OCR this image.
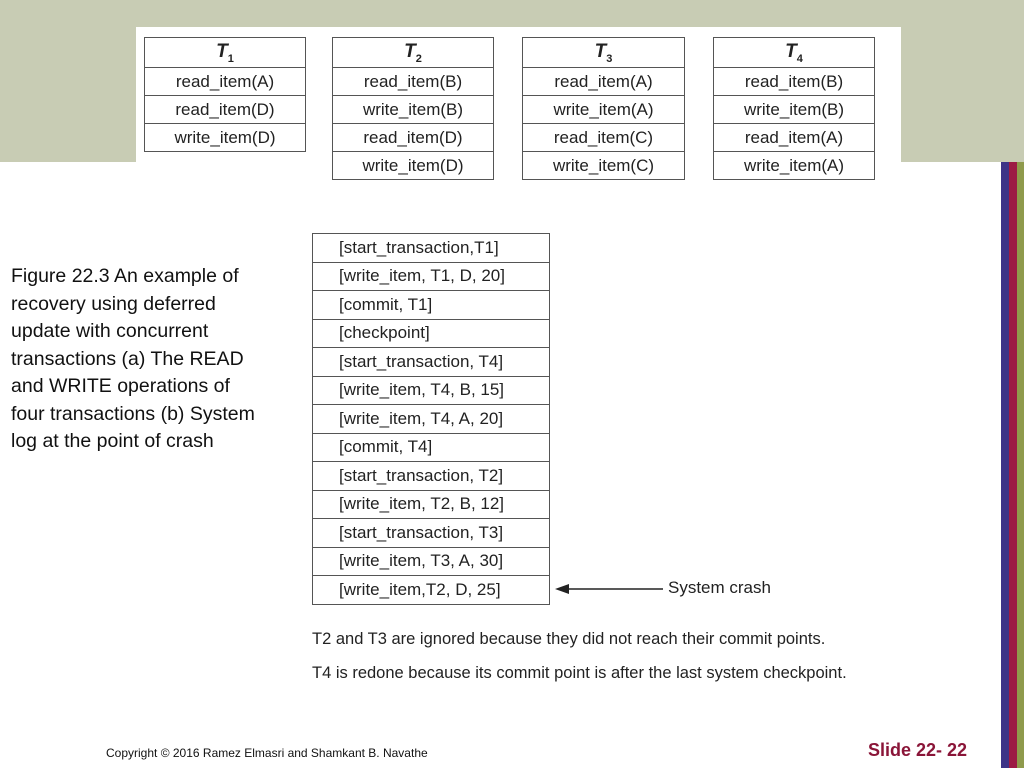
$T_1$
read_item(A)
read_item(D)
write_item(D)
$T_2$
read_item(B)
write_item(B)
read_item(D)
write_item(D)
$T_3$
read_item(A)
write_item(A)
read_item(C)
write_item(C)
$T_4$
read_item(B)
write_item(B)
read_item(A)
write_item(A)
Figure 22.3 An example of recovery using deferred update with concurrent transactions (a) The READ and WRITE operations of four transactions (b) System log at the point of crash
[start_transaction,T1]
[write_item, T1, D, 20]
[commit, T1]
[checkpoint]
[start_transaction, T4]
[write_item, T4, B, 15]
[write_item, T4, A, 20]
[commit, T4]
[start_transaction, T2]
[write_item, T2, B, 12]
[start_transaction, T3]
[write_item, T3, A, 30]
[write_item,T2, D, 25]	System crash
T2 and T3 are ignored because they did not reach their commit points.
T4 is redone because its commit point is after the last system checkpoint.
Copyright © 2016 Ramez Elmasri and Shamkant B. Navathe	Slide 22- 22
